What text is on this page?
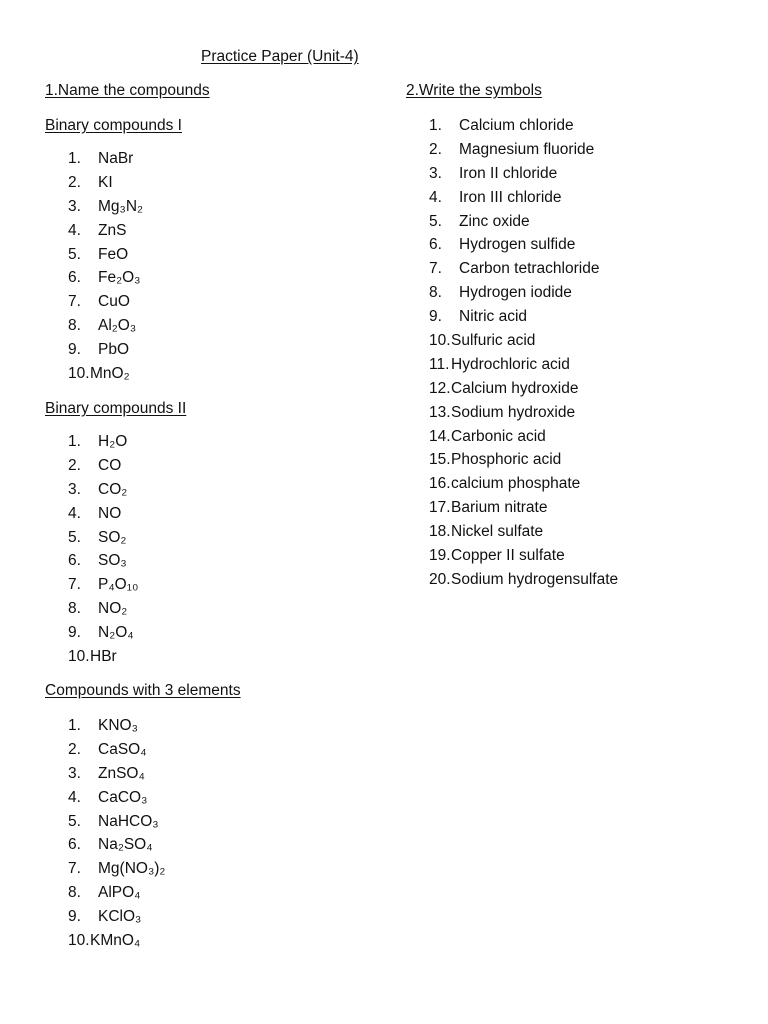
Practice Paper (Unit-4)
1.Name the compounds
Binary compounds I
1.	NaBr
2.	KI
3.	Mg₃N₂
4.	ZnS
5.	FeO
6.	Fe₂O₃
7.	CuO
8.	Al₂O₃
9.	PbO
10. MnO₂
Binary compounds II
1.	H₂O
2.	CO
3.	CO₂
4.	NO
5.	SO₂
6.	SO₃
7.	P₄O₁₀
8.	NO₂
9.	N₂O₄
10. HBr
Compounds with 3 elements
1.	KNO₃
2.	CaSO₄
3.	ZnSO₄
4.	CaCO₃
5.	NaHCO₃
6.	Na₂SO₄
7.	Mg(NO₃)₂
8.	AlPO₄
9.	KClO₃
10. KMnO₄
2.Write the symbols
1.	Calcium chloride
2.	Magnesium fluoride
3.	Iron II chloride
4.	Iron III chloride
5.	Zinc oxide
6.	Hydrogen sulfide
7.	Carbon tetrachloride
8.	Hydrogen iodide
9.	Nitric acid
10. Sulfuric acid
11. Hydrochloric acid
12. Calcium hydroxide
13. Sodium hydroxide
14. Carbonic acid
15. Phosphoric acid
16. calcium phosphate
17. Barium nitrate
18. Nickel sulfate
19. Copper II sulfate
20. Sodium hydrogensulfate
